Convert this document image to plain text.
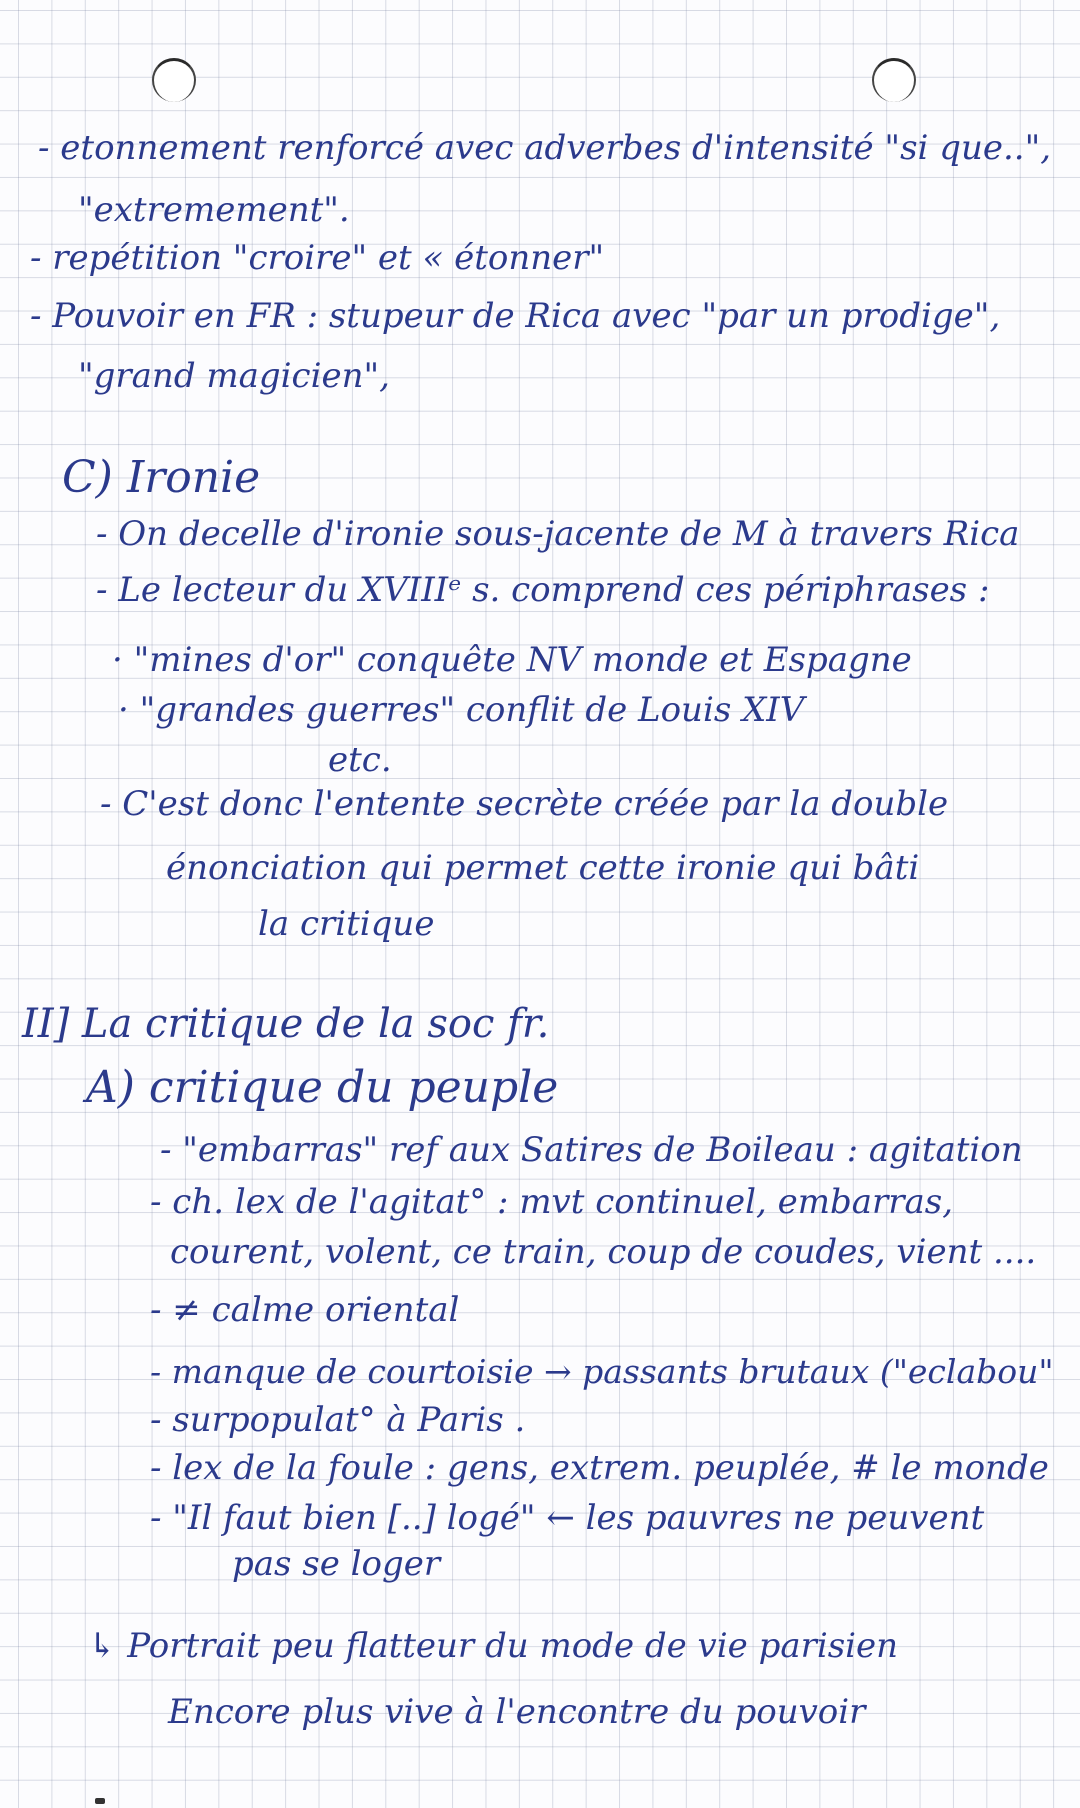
- etonnement renforcé avec adverbes d'intensité "si que..",
"extremement".
- repétition "croire" et « étonner"
- Pouvoir en FR : stupeur de Rica avec "par un prodige",
"grand magicien",
C) Ironie
- On decelle d'ironie sous-jacente de M à travers Rica
- Le lecteur du XVIIIᵉ s. comprend ces périphrases :
· "mines d'or" conquête NV monde et Espagne
· "grandes guerres" conflit de Louis XIV
etc.
- C'est donc l'entente secrète créée par la double
énonciation qui permet cette ironie qui bâti
la critique
II] La critique de la soc fr.
A) critique du peuple
- "embarras" ref aux Satires de Boileau : agitation
- ch. lex de l'agitat° : mvt continuel, embarras,
courent, volent, ce train, coup de coudes, vient ....
- ≠ calme oriental
- manque de courtoisie → passants brutaux ("eclabou"
- surpopulat° à Paris .
- lex de la foule : gens, extrem. peuplée, # le monde
- "Il faut bien [..] logé" ← les pauvres ne peuvent
pas se loger
↳ Portrait peu flatteur du mode de vie parisien
Encore plus vive à l'encontre du pouvoir
